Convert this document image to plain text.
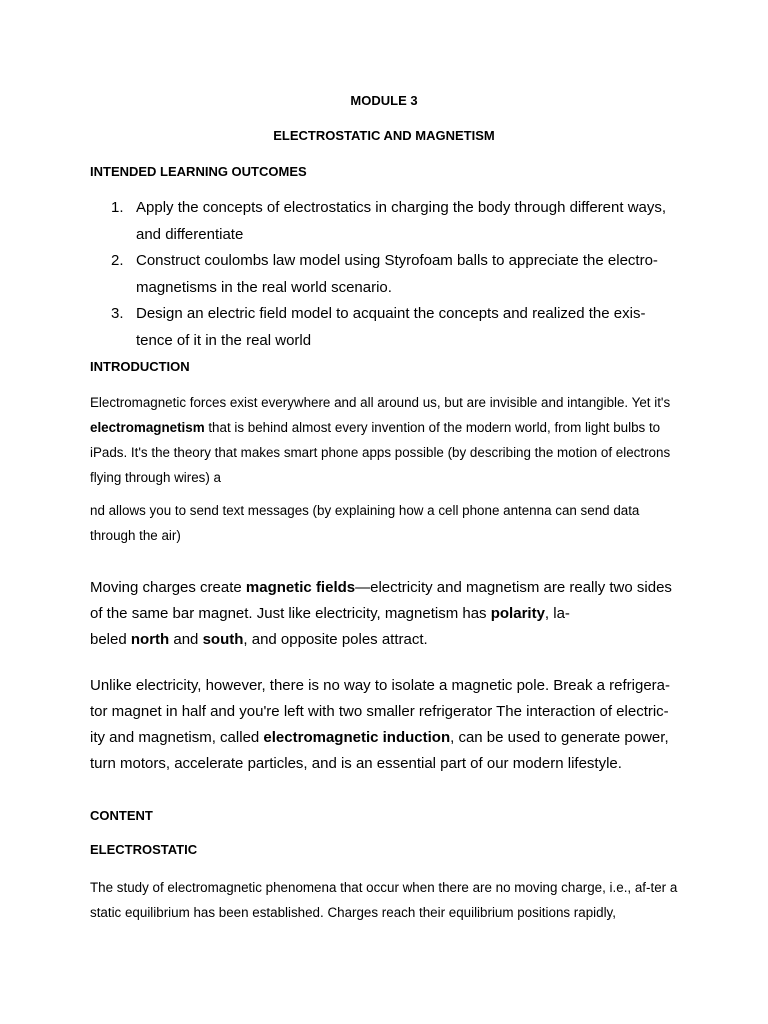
MODULE 3

ELECTROSTATIC AND MAGNETISM

INTENDED LEARNING OUTCOMES

1. Apply the concepts of electrostatics in charging the body through different ways, and differentiate
2. Construct coulombs law model using Styrofoam balls to appreciate the electro-magnetisms in the real world scenario.
3. Design an electric field model to acquaint the concepts and realized the exis-tence of it in the real world

INTRODUCTION

Electromagnetic forces exist everywhere and all around us, but are invisible and intangible. Yet it's electromagnetism that is behind almost every invention of the modern world, from light bulbs to iPads. It's the theory that makes smart phone apps possible (by describing the motion of electrons flying through wires) a

nd allows you to send text messages (by explaining how a cell phone antenna can send data through the air)

Moving charges create magnetic fields—electricity and magnetism are really two sides of the same bar magnet. Just like electricity, magnetism has polarity, la-
beled north and south, and opposite poles attract.

Unlike electricity, however, there is no way to isolate a magnetic pole. Break a refrigera-tor magnet in half and you're left with two smaller refrigerator The interaction of electric-ity and magnetism, called electromagnetic induction, can be used to generate power, turn motors, accelerate particles, and is an essential part of our modern lifestyle.

CONTENT

ELECTROSTATIC

The study of electromagnetic phenomena that occur when there are no moving charge, i.e., af-ter a static equilibrium has been established. Charges reach their equilibrium positions rapidly,
